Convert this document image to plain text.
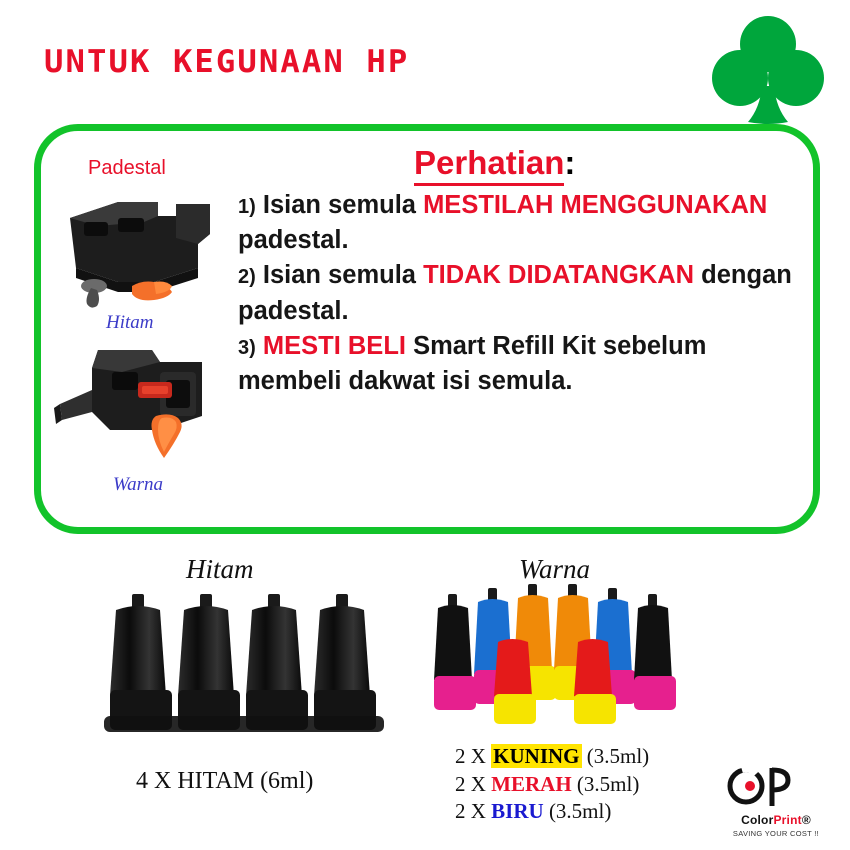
UNTUK KEGUNAAN HP
Padestal
Hitam
Warna
Perhatian:
1) Isian semula MESTILAH MENGGUNAKAN padestal.
2) Isian semula TIDAK DIDATANGKAN dengan padestal.
3) MESTI BELI Smart Refill Kit sebelum membeli dakwat isi semula.
Hitam	Warna
4 X HITAM (6ml)
2 X KUNING (3.5ml)
2 X MERAH (3.5ml)
2 X BIRU (3.5ml)	ColorPrint®
SAVING YOUR COST !!
